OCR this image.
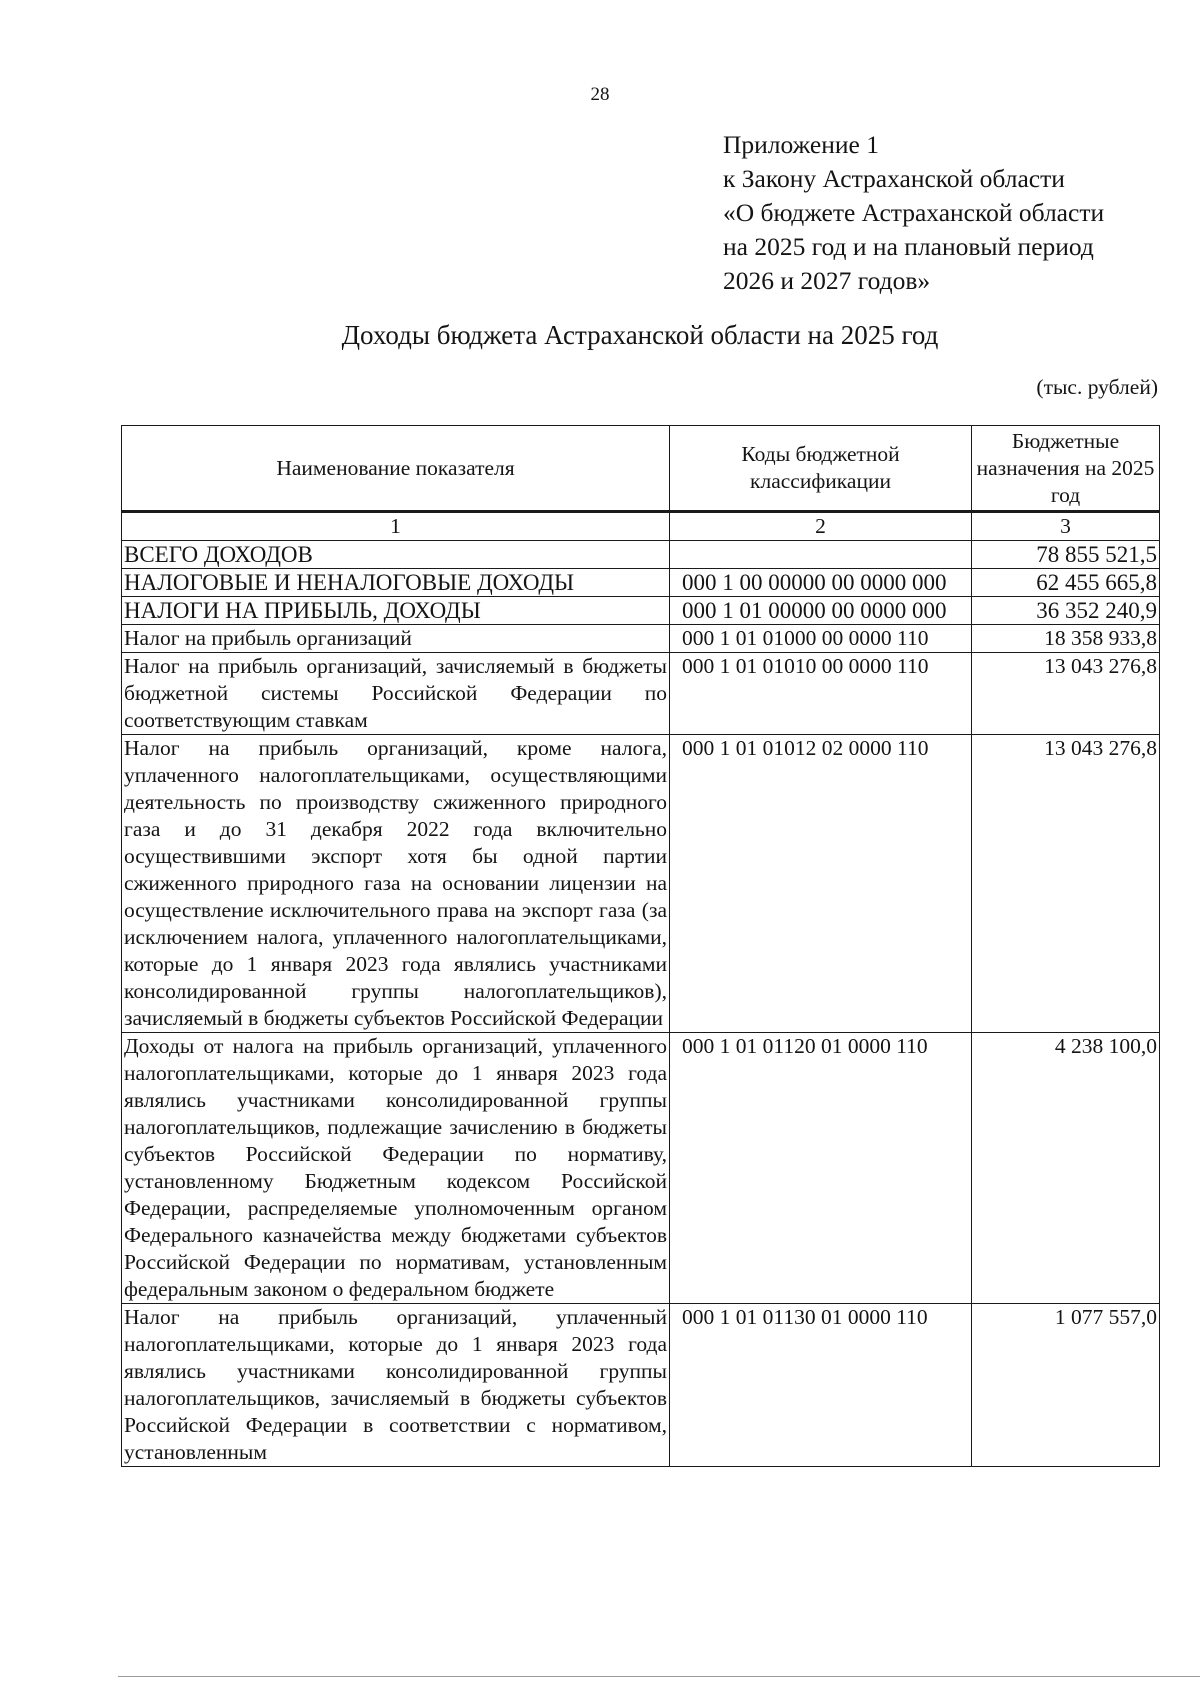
28
Приложение 1
к Закону Астраханской области
«О бюджете Астраханской области
на 2025 год и на плановый период
2026 и 2027 годов»
Доходы бюджета Астраханской области на 2025 год
(тыс. рублей)
Наименование показателя	Коды бюджетной классификации	Бюджетные назначения на 2025 год
1	2	3
ВСЕГО ДОХОДОВ		78 855 521,5
НАЛОГОВЫЕ И НЕНАЛОГОВЫЕ ДОХОДЫ	000 1 00 00000 00 0000 000	62 455 665,8
НАЛОГИ НА ПРИБЫЛЬ, ДОХОДЫ	000 1 01 00000 00 0000 000	36 352 240,9
Налог на прибыль организаций	000 1 01 01000 00 0000 110	18 358 933,8
Налог на прибыль организаций, зачисляемый в бюджеты бюджетной системы Российской Федерации по соответствующим ставкам	000 1 01 01010 00 0000 110	13 043 276,8
Налог на прибыль организаций, кроме налога, уплаченного налогоплательщиками, осуществляющими деятельность по производству сжиженного природного газа и до 31 декабря 2022 года включительно осуществившими экспорт хотя бы одной партии сжиженного природного газа на основании лицензии на осуществление исключительного права на экспорт газа (за исключением налога, уплаченного налогоплательщиками, которые до 1 января 2023 года являлись участниками консолидированной группы налогоплательщиков), зачисляемый в бюджеты субъектов Российской Федерации	000 1 01 01012 02 0000 110	13 043 276,8
Доходы от налога на прибыль организаций, уплаченного налогоплательщиками, которые до 1 января 2023 года являлись участниками консолидированной группы налогоплательщиков, подлежащие зачислению в бюджеты субъектов Российской Федерации по нормативу, установленному Бюджетным кодексом Российской Федерации, распределяемые уполномоченным органом Федерального казначейства между бюджетами субъектов Российской Федерации по нормативам, установленным федеральным законом о федеральном бюджете	000 1 01 01120 01 0000 110	4 238 100,0
Налог на прибыль организаций, уплаченный налогоплательщиками, которые до 1 января 2023 года являлись участниками консолидированной группы налогоплательщиков, зачисляемый в бюджеты субъектов Российской Федерации в соответствии с нормативом, установленным	000 1 01 01130 01 0000 110	1 077 557,0
